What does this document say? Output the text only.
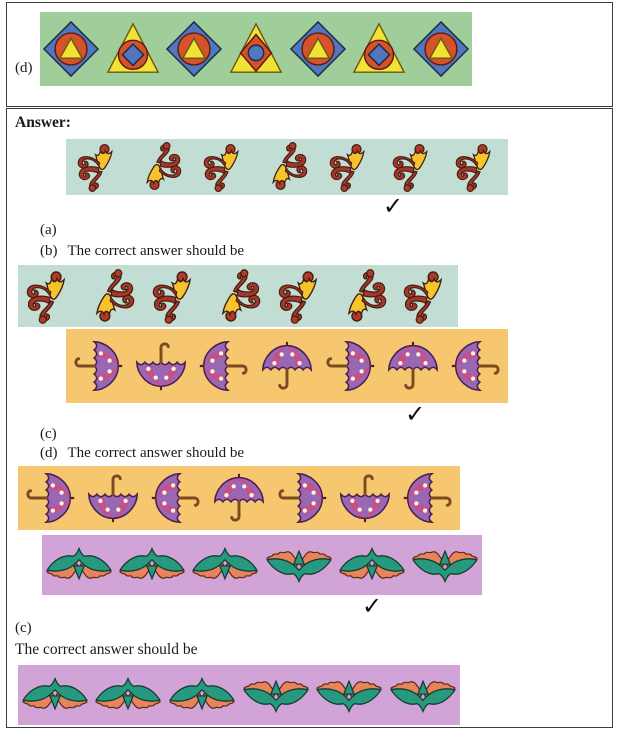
(d)
Answer:
✓
(a)
(b) The correct answer should be
✓
(c)
(d) The correct answer should be
✓
(c)
The correct answer should be
